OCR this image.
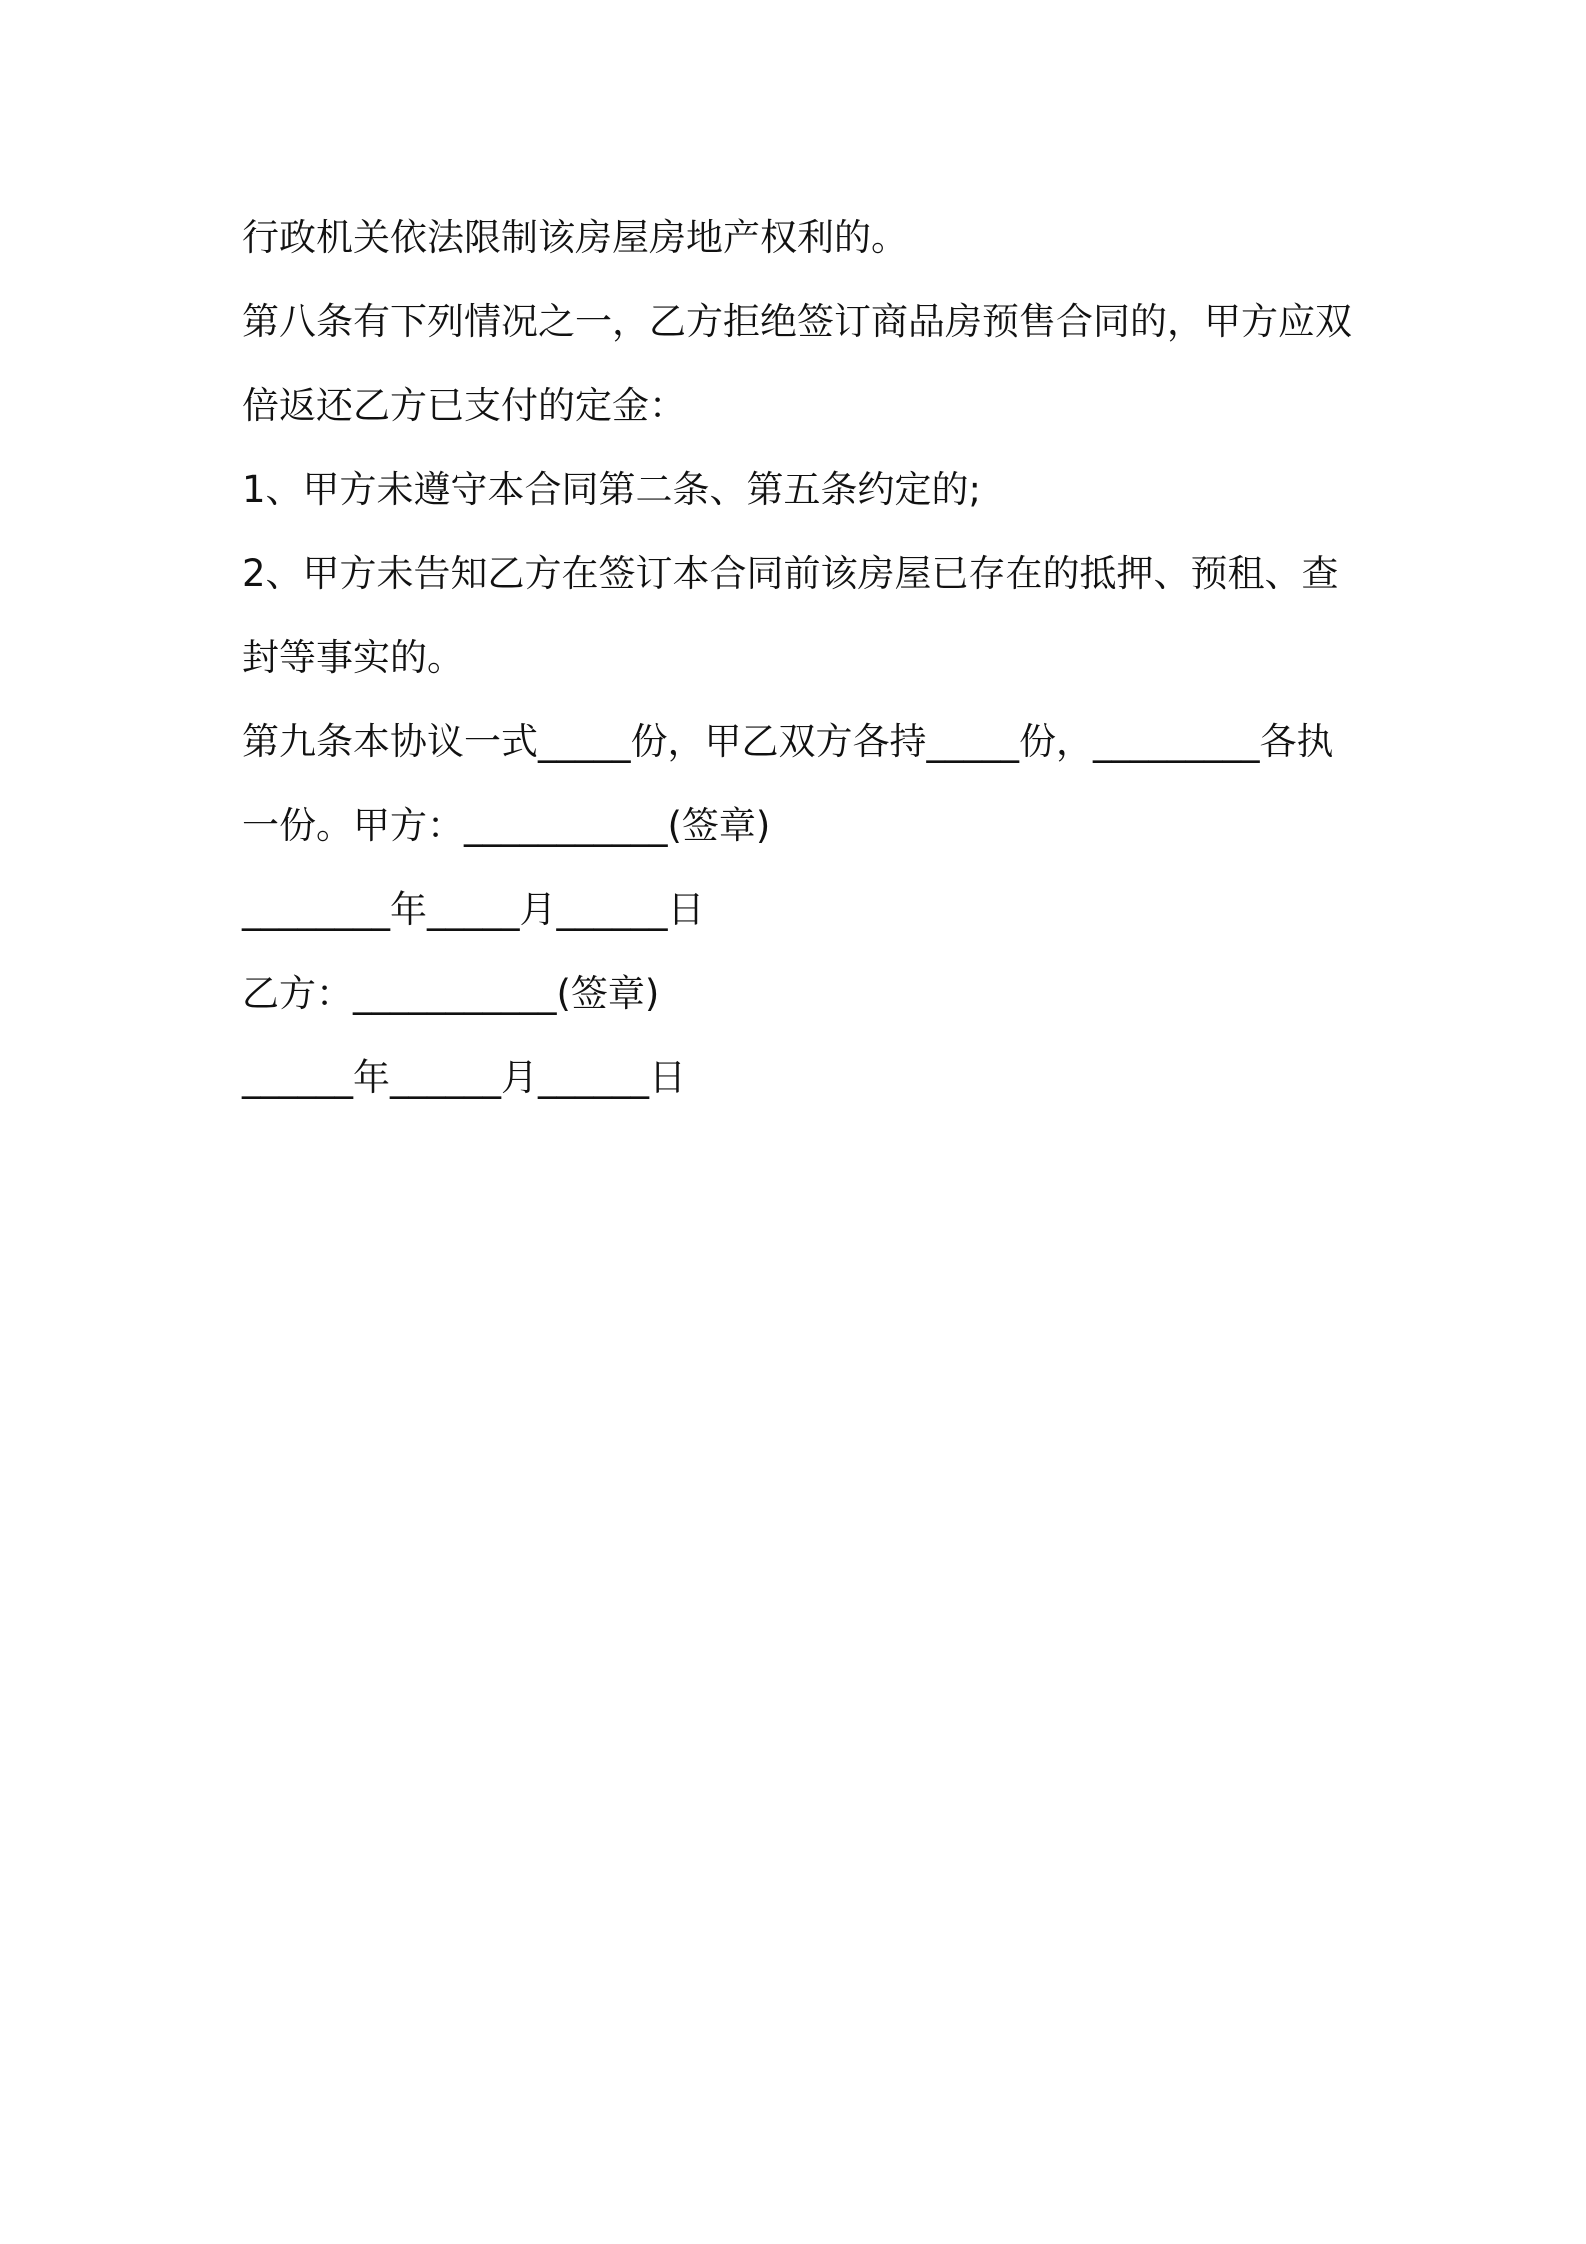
行政机关依法限制该房屋房地产权利的。

第八条有下列情况之一，乙方拒绝签订商品房预售合同的，甲方应双倍返还乙方已支付的定金：

1、甲方未遵守本合同第二条、第五条约定的;

2、甲方未告知乙方在签订本合同前该房屋已存在的抵押、预租、查封等事实的。

第九条本协议一式_____份，甲乙双方各持_____份，_________各执一份。甲方：___________(签章)

________年_____月______日

乙方：___________(签章)

______年______月______日
